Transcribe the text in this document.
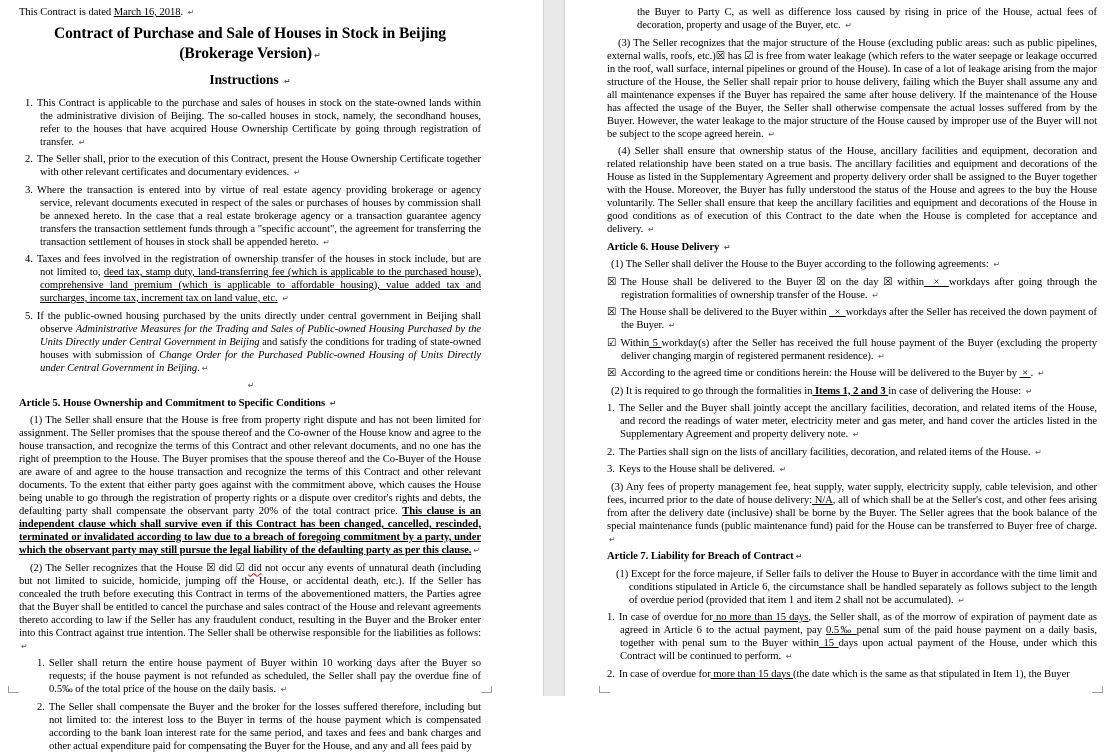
This Contract is dated March 16, 2018. ↵
Contract of Purchase and Sale of Houses in Stock in Beijing (Brokerage Version) ↵
Instructions ↵
1. This Contract is applicable to the purchase and sales of houses in stock on the state-owned lands within the administrative division of Beijing. The so-called houses in stock, namely, the secondhand houses, refer to the houses that have acquired House Ownership Certificate by going through registration of transfer. ↵
2. The Seller shall, prior to the execution of this Contract, present the House Ownership Certificate together with other relevant certificates and documentary evidences. ↵
3. Where the transaction is entered into by virtue of real estate agency providing brokerage or agency service, relevant documents executed in respect of the sales or purchases of houses by commission shall be annexed hereto. In the case that a real estate brokerage agency or a transaction guarantee agency transfers the transaction settlement funds through a "specific account", the agreement for transferring the transaction settlement of houses in stock shall be appended hereto. ↵
4. Taxes and fees involved in the registration of ownership transfer of the houses in stock include, but are not limited to, deed tax, stamp duty, land-transferring fee (which is applicable to the purchased house), comprehensive land premium (which is applicable to affordable housing), value added tax and surcharges, income tax, increment tax on land value, etc. ↵
5. If the public-owned housing purchased by the units directly under central government in Beijing shall observe Administrative Measures for the Trading and Sales of Public-owned Housing Purchased by the Units Directly under Central Government in Beijing and satisfy the conditions for trading of state-owned houses with submission of Change Order for the Purchased Public-owned Housing of Units Directly under Central Government in Beijing. ↵
↵
Article 5. House Ownership and Commitment to Specific Conditions ↵
(1) The Seller shall ensure that the House is free from property right dispute and has not been limited for assignment. The Seller promises that the spouse thereof and the Co-owner of the House know and agree to the house transaction, and recognize the terms of this Contract and other relevant documents, and no one has the right of preemption to the House. The Buyer promises that the spouse thereof and the Co-Buyer of the House are aware of and agree to the house transaction and recognize the terms of this Contract and other relevant documents. To the extent that either party goes against with the commitment above, which causes the House being unable to go through the registration of property rights or a dispute over creditor's rights and debts, the defaulting party shall compensate the observant party 20% of the total contract price. This clause is an independent clause which shall survive even if this Contract has been changed, cancelled, rescinded, terminated or invalidated according to law due to a breach of foregoing commitment by a party, under which the observant party may still pursue the legal liability of the defaulting party as per this clause. ↵
(2) The Seller recognizes that the House ☒ did ☑ did not occur any events of unnatural death (including but not limited to suicide, homicide, jumping off the House, or accidental death, etc.). If the Seller has concealed the truth before executing this Contract in terms of the abovementioned matters, the Parties agree that the Buyer shall be entitled to cancel the purchase and sales contract of the House and relevant agreements thereto according to law if the Seller has any fraudulent conduct, resulting in the Buyer and the Broker enter into this Contract against true intention. The Seller shall be otherwise responsible for the liabilities as follows: ↵
1. Seller shall return the entire house payment of Buyer within 10 working days after the Buyer so requests; if the house payment is not refunded as scheduled, the Seller shall pay the overdue fine of 0.5‰ of the total price of the house on the daily basis. ↵
2. The Seller shall compensate the Buyer and the broker for the losses suffered therefore, including but not limited to: the interest loss to the Buyer in terms of the house payment which is compensated according to the bank loan interest rate for the same period, and taxes and fees and bank charges and other actual expenditure paid for compensating the Buyer for the House, and any and all fees paid by
the Buyer to Party C, as well as difference loss caused by rising in price of the House, actual fees of decoration, property and usage of the Buyer, etc. ↵
(3) The Seller recognizes that the major structure of the House (excluding public areas: such as public pipelines, external walls, roofs, etc.)☒ has ☑ is free from water leakage (which refers to the water seepage or leakage occurred in the roof, wall surface, internal pipelines or ground of the House). In case of a lot of leakage arising from the major structure of the House, the Seller shall repair prior to house delivery, failing which the Buyer shall assume any and all maintenance expenses if the Buyer has repaired the same after house delivery. If the maintenance of the House has affected the usage of the Buyer, the Seller shall otherwise compensate the actual losses suffered from by the Buyer. However, the water leakage to the major structure of the House caused by improper use of the Buyer will not be subject to the scope agreed herein. ↵
(4) Seller shall ensure that ownership status of the House, ancillary facilities and equipment, decoration and related relationship have been stated on a true basis. The ancillary facilities and equipment and decorations of the House as listed in the Supplementary Agreement and property delivery order shall be assigned to the Buyer together with the House. Moreover, the Buyer has fully understood the status of the House and agrees to the buy the House voluntarily. The Seller shall ensure that keep the ancillary facilities and equipment and decorations of the House in good conditions as of execution of this Contract to the date when the House is completed for acceptance and delivery. ↵
Article 6. House Delivery ↵
(1) The Seller shall deliver the House to the Buyer according to the following agreements: ↵
☒ The House shall be delivered to the Buyer ☒ on the day ☒ within  ×  workdays after going through the registration formalities of ownership transfer of the House. ↵
☒ The House shall be delivered to the Buyer within   ×  workdays after the Seller has received the down payment of the Buyer. ↵
☑ Within 5 workday(s) after the Seller has received the full house payment of the Buyer (excluding the property deliver changing margin of registered permanent residence). ↵
☒ According to the agreed time or conditions herein: the House will be delivered to the Buyer by  × . ↵
(2) It is required to go through the formalities in Items 1, 2 and 3 in case of delivering the House: ↵
1. The Seller and the Buyer shall jointly accept the ancillary facilities, decoration, and related items of the House, and record the readings of water meter, electricity meter and gas meter, and hand cover the articles listed in the Supplementary Agreement and property delivery note. ↵
2. The Parties shall sign on the lists of ancillary facilities, decoration, and related items of the House. ↵
3. Keys to the House shall be delivered. ↵
(3) Any fees of property management fee, heat supply, water supply, electricity supply, cable television, and other fees, incurred prior to the date of house delivery: N/A, all of which shall be at the Seller's cost, and other fees arising from after the delivery date (inclusive) shall be borne by the Buyer. The Seller agrees that the book balance of the special maintenance funds (public maintenance fund) paid for the House can be transferred to Buyer free of charge. ↵
Article 7. Liability for Breach of Contract ↵
(1) Except for the force majeure, if Seller fails to deliver the House to Buyer in accordance with the time limit and conditions stipulated in Article 6, the circumstance shall be handled separately as follows subject to the length of overdue period (provided that item 1 and item 2 shall not be accumulated). ↵
1. In case of overdue for no more than 15 days, the Seller shall, as of the morrow of expiration of payment date as agreed in Article 6 to the actual payment, pay 0.5‰ penal sum of the paid house payment on a daily basis, together with penal sum to the Buyer within 15 days upon actual payment of the House, under which this Contract will be continued to perform. ↵
2. In case of overdue for more than 15 days (the date which is the same as that stipulated in Item 1), the Buyer
